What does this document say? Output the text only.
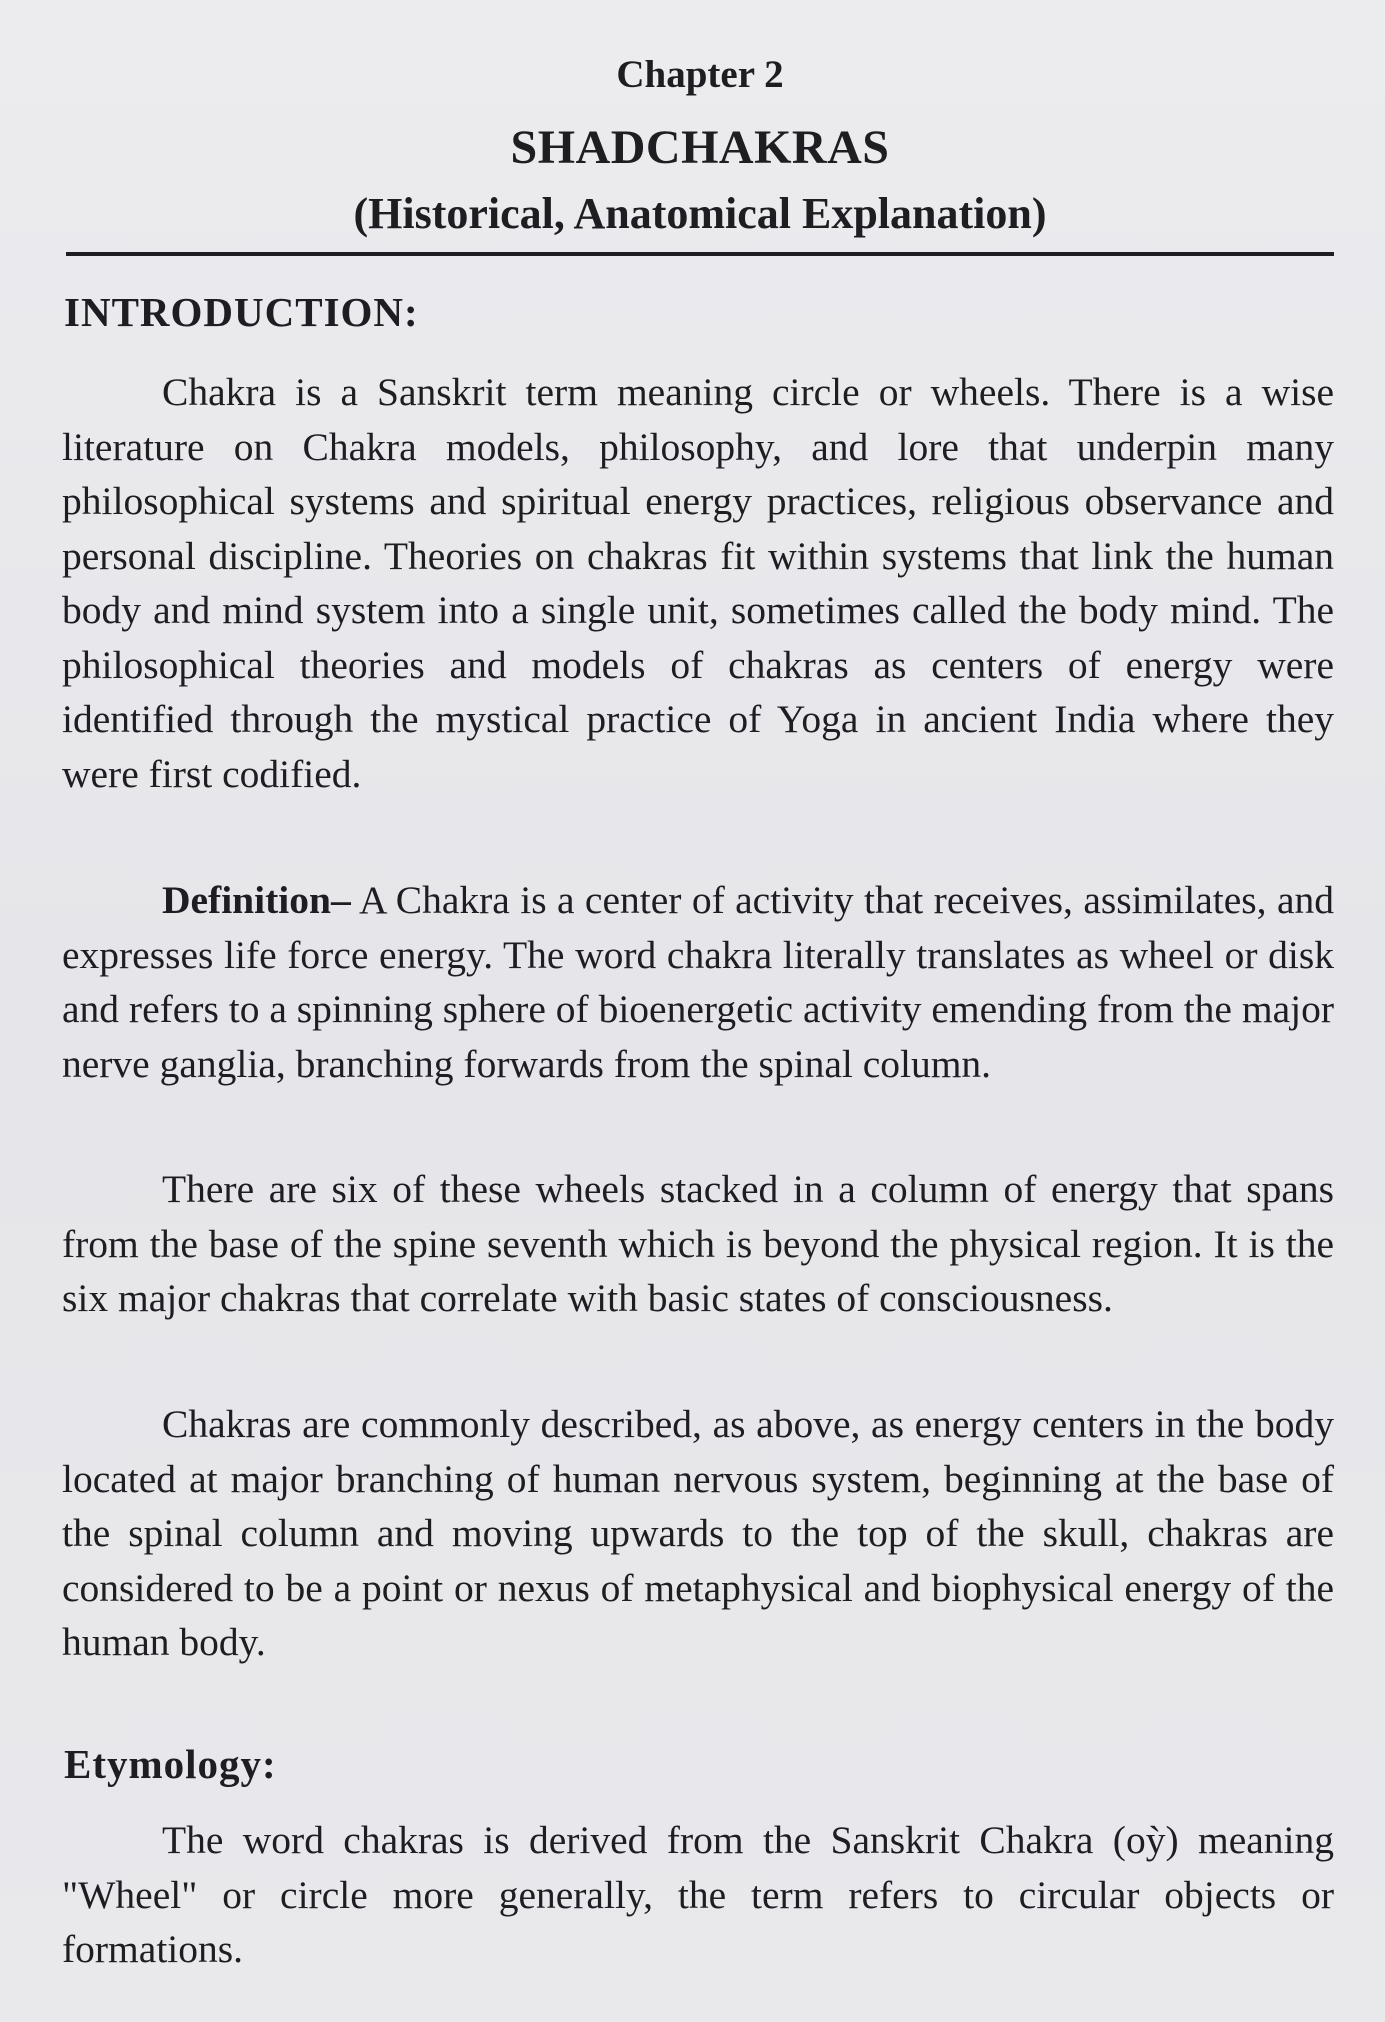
Chapter 2
SHADCHAKRAS
(Historical, Anatomical Explanation)
INTRODUCTION:

Chakra is a Sanskrit term meaning circle or wheels. There is a wise literature on Chakra models, philosophy, and lore that underpin many philosophical systems and spiritual energy practices, religious observance and personal discipline. Theories on chakras fit within systems that link the human body and mind system into a single unit, sometimes called the body mind. The philosophical theories and models of chakras as centers of energy were identified through the mystical practice of Yoga in ancient India where they were first codified.

Definition– A Chakra is a center of activity that receives, assimilates, and expresses life force energy. The word chakra literally translates as wheel or disk and refers to a spinning sphere of bioenergetic activity emending from the major nerve ganglia, branching forwards from the spinal column.

There are six of these wheels stacked in a column of energy that spans from the base of the spine seventh which is beyond the physical region. It is the six major chakras that correlate with basic states of consciousness.

Chakras are commonly described, as above, as energy centers in the body located at major branching of human nervous system, beginning at the base of the spinal column and moving upwards to the top of the skull, chakras are considered to be a point or nexus of metaphysical and biophysical energy of the human body.

Etymology:

The word chakras is derived from the Sanskrit Chakra (oỳ) meaning "Wheel" or circle more generally, the term refers to circular objects or formations.
